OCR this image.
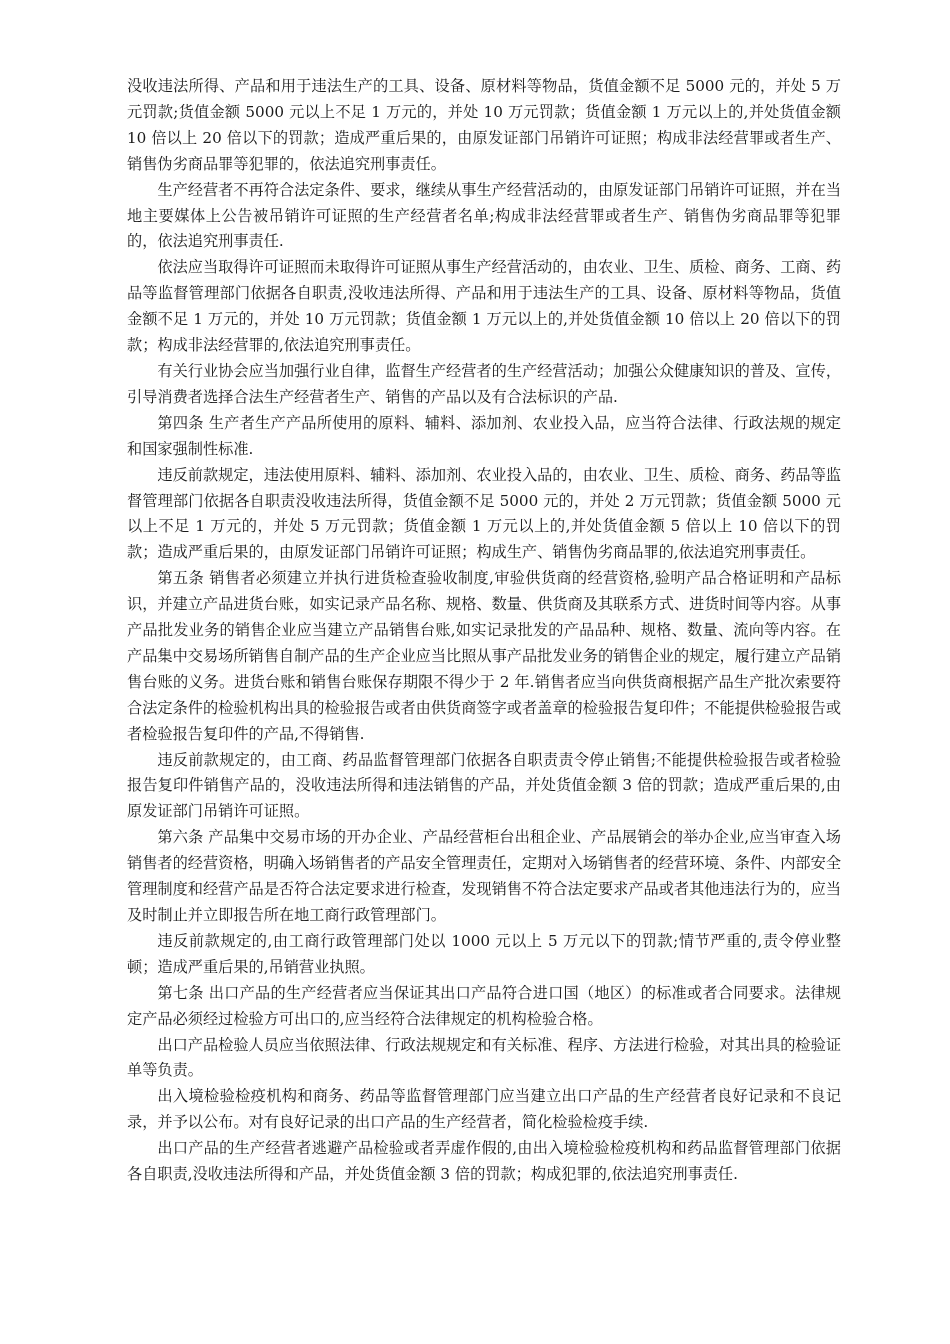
没收违法所得、产品和用于违法生产的工具、设备、原材料等物品，货值金额不足 5000 元的，并处 5 万元罚款;货值金额 5000 元以上不足 1 万元的，并处 10 万元罚款；货值金额 1 万元以上的,并处货值金额 10 倍以上 20 倍以下的罚款；造成严重后果的，由原发证部门吊销许可证照；构成非法经营罪或者生产、销售伪劣商品罪等犯罪的，依法追究刑事责任。

生产经营者不再符合法定条件、要求，继续从事生产经营活动的，由原发证部门吊销许可证照，并在当地主要媒体上公告被吊销许可证照的生产经营者名单;构成非法经营罪或者生产、销售伪劣商品罪等犯罪的，依法追究刑事责任.

依法应当取得许可证照而未取得许可证照从事生产经营活动的，由农业、卫生、质检、商务、工商、药品等监督管理部门依据各自职责,没收违法所得、产品和用于违法生产的工具、设备、原材料等物品，货值金额不足 1 万元的，并处 10 万元罚款；货值金额 1 万元以上的,并处货值金额 10 倍以上 20 倍以下的罚款；构成非法经营罪的,依法追究刑事责任。

有关行业协会应当加强行业自律，监督生产经营者的生产经营活动；加强公众健康知识的普及、宣传，引导消费者选择合法生产经营者生产、销售的产品以及有合法标识的产品.

第四条 生产者生产产品所使用的原料、辅料、添加剂、农业投入品，应当符合法律、行政法规的规定和国家强制性标准.

违反前款规定，违法使用原料、辅料、添加剂、农业投入品的，由农业、卫生、质检、商务、药品等监督管理部门依据各自职责没收违法所得，货值金额不足 5000 元的，并处 2 万元罚款；货值金额 5000 元以上不足 1 万元的，并处 5 万元罚款；货值金额 1 万元以上的,并处货值金额 5 倍以上 10 倍以下的罚款；造成严重后果的，由原发证部门吊销许可证照；构成生产、销售伪劣商品罪的,依法追究刑事责任。

第五条 销售者必须建立并执行进货检查验收制度,审验供货商的经营资格,验明产品合格证明和产品标识，并建立产品进货台账，如实记录产品名称、规格、数量、供货商及其联系方式、进货时间等内容。从事产品批发业务的销售企业应当建立产品销售台账,如实记录批发的产品品种、规格、数量、流向等内容。在产品集中交易场所销售自制产品的生产企业应当比照从事产品批发业务的销售企业的规定，履行建立产品销售台账的义务。进货台账和销售台账保存期限不得少于 2 年.销售者应当向供货商根据产品生产批次索要符合法定条件的检验机构出具的检验报告或者由供货商签字或者盖章的检验报告复印件；不能提供检验报告或者检验报告复印件的产品,不得销售.

违反前款规定的，由工商、药品监督管理部门依据各自职责责令停止销售;不能提供检验报告或者检验报告复印件销售产品的，没收违法所得和违法销售的产品，并处货值金额 3 倍的罚款；造成严重后果的,由原发证部门吊销许可证照。

第六条 产品集中交易市场的开办企业、产品经营柜台出租企业、产品展销会的举办企业,应当审查入场销售者的经营资格，明确入场销售者的产品安全管理责任，定期对入场销售者的经营环境、条件、内部安全管理制度和经营产品是否符合法定要求进行检查，发现销售不符合法定要求产品或者其他违法行为的，应当及时制止并立即报告所在地工商行政管理部门。

违反前款规定的,由工商行政管理部门处以 1000 元以上 5 万元以下的罚款;情节严重的,责令停业整顿；造成严重后果的,吊销营业执照。

第七条 出口产品的生产经营者应当保证其出口产品符合进口国（地区）的标准或者合同要求。法律规定产品必须经过检验方可出口的,应当经符合法律规定的机构检验合格。

出口产品检验人员应当依照法律、行政法规规定和有关标准、程序、方法进行检验，对其出具的检验证单等负责。

出入境检验检疫机构和商务、药品等监督管理部门应当建立出口产品的生产经营者良好记录和不良记录，并予以公布。对有良好记录的出口产品的生产经营者，简化检验检疫手续.

出口产品的生产经营者逃避产品检验或者弄虚作假的,由出入境检验检疫机构和药品监督管理部门依据各自职责,没收违法所得和产品，并处货值金额 3 倍的罚款；构成犯罪的,依法追究刑事责任.
